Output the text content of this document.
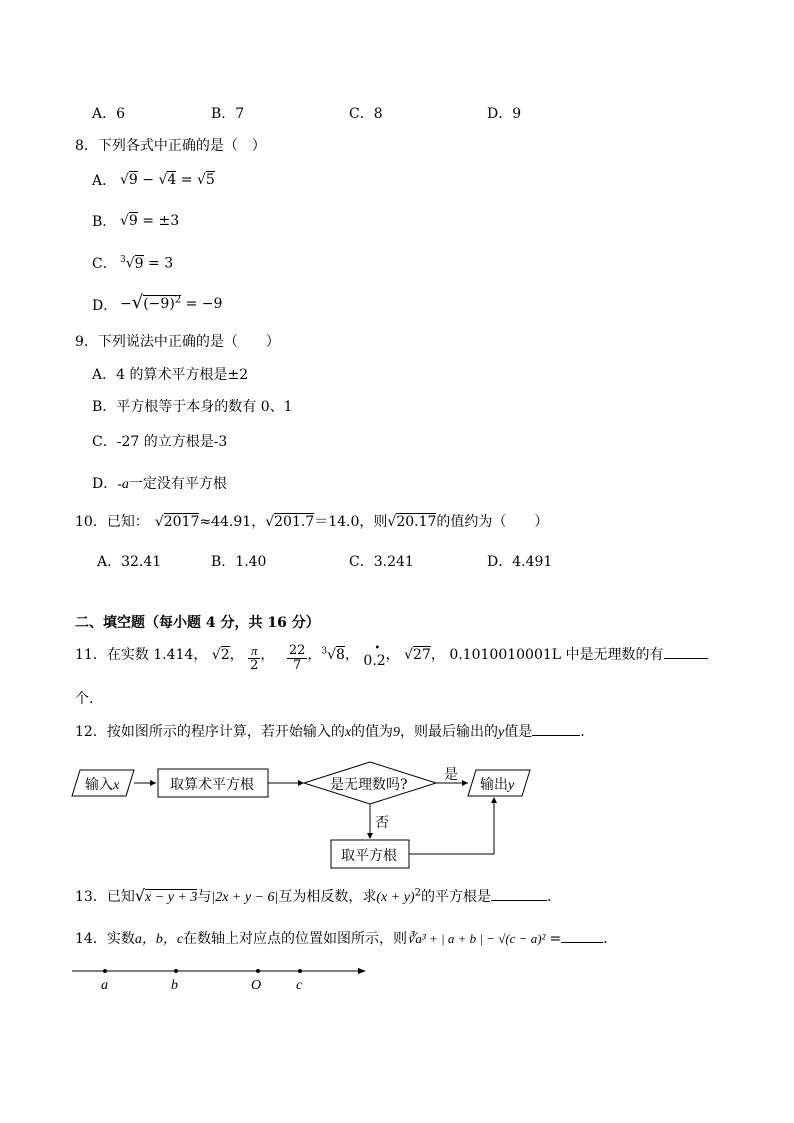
A．6	B．7	C．8	D．9
8．下列各式中正确的是（　）
A． √9 − √4 = √5
B． √9 = ±3
C． $^3$√9 = 3
D． $-√(-9)^2 = -9$
9．下列说法中正确的是（　　）
A．4 的算术平方根是±2
B．平方根等于本身的数有 0、1
C．-27 的立方根是-3
D．-a一定没有平方根
10．已知： √2017≈44.91，√201.7＝14.0，则√20.17的值约为（　　）
A．32.41	B．1.40	C．3.241	D．4.491
二、填空题（每小题 4 分，共 16 分）
11．在实数 1.414， √2， $\frac{\pi}{2}$ ， $\frac{22}{7}$ ，$^3$√8， •
0.2， √27， 0.1010010001L 中是无理数的有
个.
12．按如图所示的程序计算，若开始输入的x的值为9，则最后输出的y值是	.
输入x	取算术平方根	是无理数吗?
是
输出y
否
取平方根
13．已知√x − y + 3与|2x + y − 6|互为相反数，求$(x + y)^2$的平方根是	.
14．实数a，b，c在数轴上对应点的位置如图所示，则∛a³ + | a + b | − √(c − a)² =	.
a	b	O c
